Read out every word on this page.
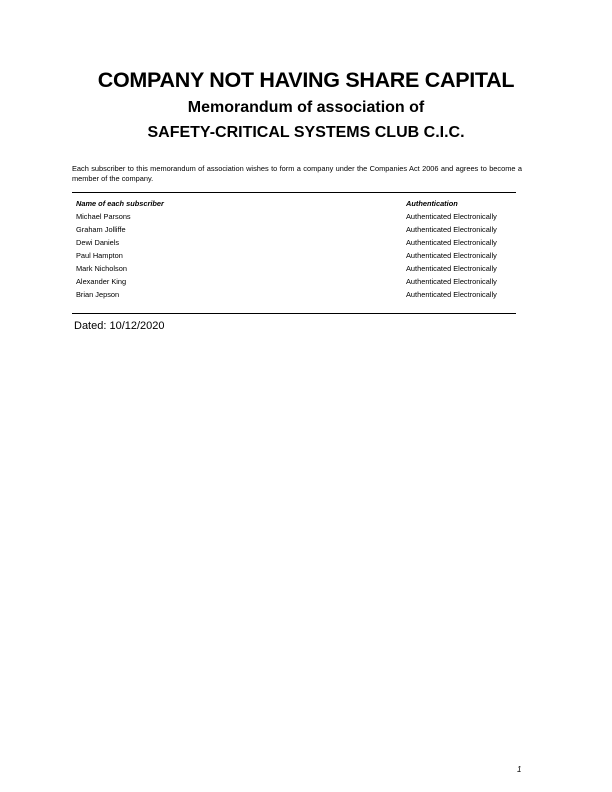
COMPANY NOT HAVING SHARE CAPITAL
Memorandum of association of
SAFETY-CRITICAL SYSTEMS CLUB C.I.C.
Each subscriber to this memorandum of association wishes to form a company under the Companies Act 2006 and agrees to become a member of the company.
Name of each subscriber	Authentication
Michael Parsons	Authenticated Electronically
Graham Jolliffe	Authenticated Electronically
Dewi Daniels	Authenticated Electronically
Paul Hampton	Authenticated Electronically
Mark Nicholson	Authenticated Electronically
Alexander King	Authenticated Electronically
Brian Jepson	Authenticated Electronically
Dated: 10/12/2020
1
